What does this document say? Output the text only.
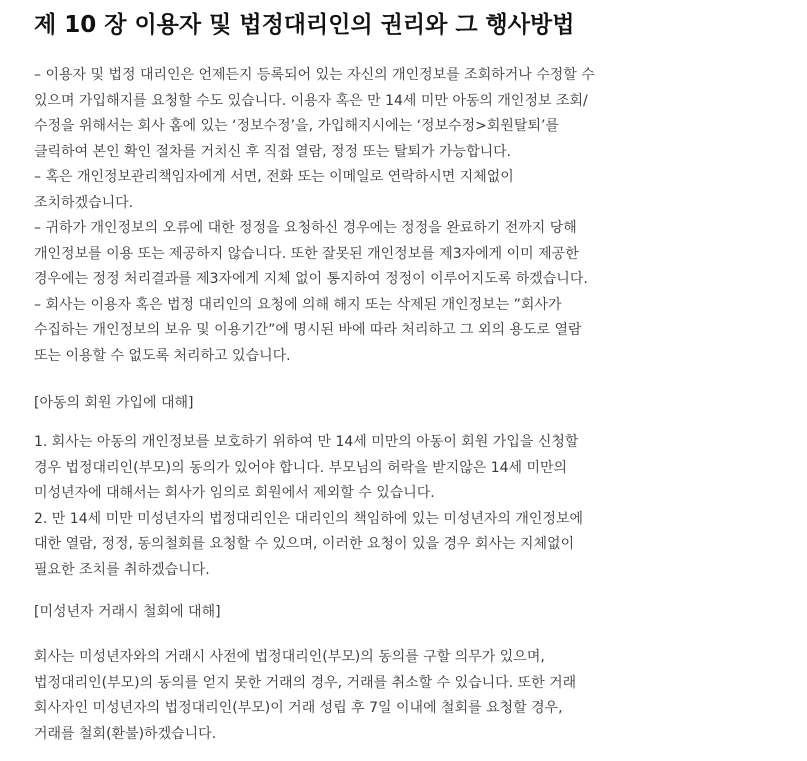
제 10 장 이용자 및 법정대리인의 권리와 그 행사방법
– 이용자 및 법정 대리인은 언제든지 등록되어 있는 자신의 개인정보를 조회하거나 수정할 수
있으며 가입해지를 요청할 수도 있습니다. 이용자 혹은 만 14세 미만 아동의 개인정보 조회/
수정을 위해서는 회사 홈에 있는 ‘정보수정’을, 가입해지시에는 ‘정보수정>회원탈퇴’를
클릭하여 본인 확인 절차를 거치신 후 직접 열람, 정정 또는 탈퇴가 가능합니다.
– 혹은 개인정보관리책임자에게 서면, 전화 또는 이메일로 연락하시면 지체없이
조치하겠습니다.
– 귀하가 개인정보의 오류에 대한 정정을 요청하신 경우에는 정정을 완료하기 전까지 당해
개인정보를 이용 또는 제공하지 않습니다. 또한 잘못된 개인정보를 제3자에게 이미 제공한
경우에는 정정 처리결과를 제3자에게 지체 없이 통지하여 정정이 이루어지도록 하겠습니다.
– 회사는 이용자 혹은 법정 대리인의 요청에 의해 해지 또는 삭제된 개인정보는 ”회사가
수집하는 개인정보의 보유 및 이용기간”에 명시된 바에 따라 처리하고 그 외의 용도로 열람
또는 이용할 수 없도록 처리하고 있습니다.
[아동의 회원 가입에 대해]
1. 회사는 아동의 개인정보를 보호하기 위하여 만 14세 미만의 아동이 회원 가입을 신청할
경우 법정대리인(부모)의 동의가 있어야 합니다. 부모님의 허락을 받지않은 14세 미만의
미성년자에 대해서는 회사가 임의로 회원에서 제외할 수 있습니다.
2. 만 14세 미만 미성년자의 법정대리인은 대리인의 책임하에 있는 미성년자의 개인정보에
대한 열람, 정정, 동의철회를 요청할 수 있으며, 이러한 요청이 있을 경우 회사는 지체없이
필요한 조치를 취하겠습니다.
[미성년자 거래시 철회에 대해]
회사는 미성년자와의 거래시 사전에 법정대리인(부모)의 동의를 구할 의무가 있으며,
법정대리인(부모)의 동의를 얻지 못한 거래의 경우, 거래를 취소할 수 있습니다. 또한 거래
회사자인 미성년자의 법정대리인(부모)이 거래 성립 후 7일 이내에 철회를 요청할 경우,
거래를 철회(환불)하겠습니다.
